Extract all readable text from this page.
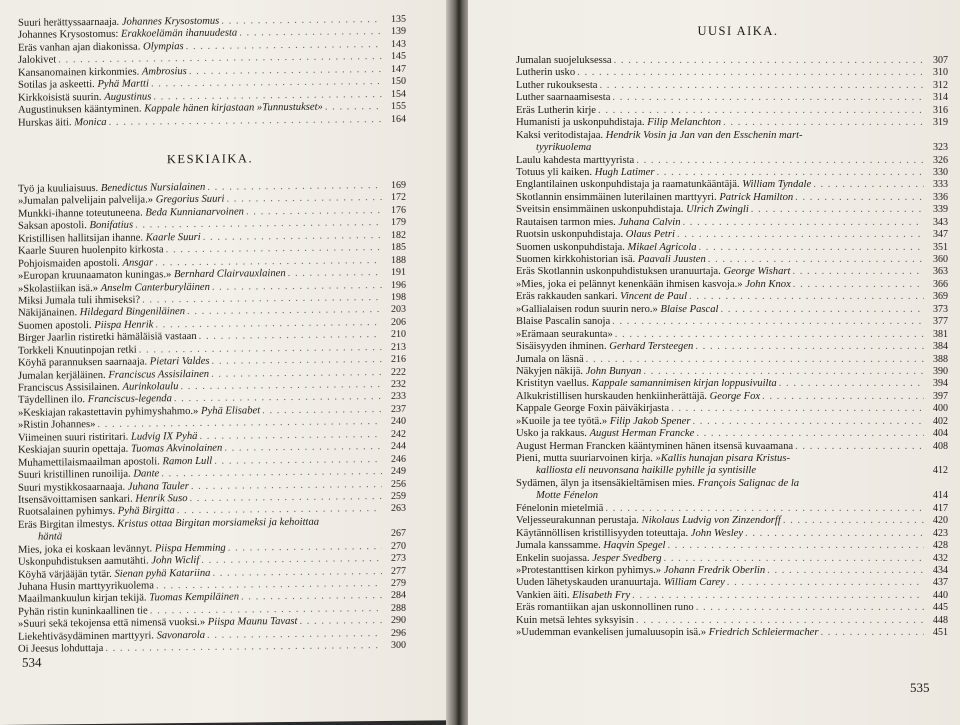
Suuri herättyssaarnaaja. Johannes Krysostomus . . .	135
Johannes Krysostomus: Erakkoelämän ihanuudesta . . .	139
Eräs vanhan ajan diakonissa. Olympias . . .	143
Jalokivet . . .	145
Kansanomainen kirkonmies. Ambrosius . . .	147
Sotilas ja askeetti. Pyhä Martti . . .	150
Kirkkoisistä suurin. Augustinus . . .	154
Augustinuksen kääntyminen. Kappale hänen kirjastaan »Tunnustukset» . . .	155
Hurskas äiti. Monica . . .	164
KESKIAIKA.
Työ ja kuuliaisuus. Benedictus Nursialainen . . .	169
»Jumalan palvelijain palvelija.» Gregorius Suuri . . .	172
Munkki-ihanne toteutuneena. Beda Kunnianarvoinen . . .	176
Saksan apostoli. Bonifatius . . .	179
Kristillisen hallitsijan ihanne. Kaarle Suuri . . .	182
Kaarle Suuren huolenpito kirkosta . . .	185
Pohjoismaiden apostoli. Ansgar . . .	188
»Europan kruunaamaton kuningas.» Bernhard Clairvauxlainen . . .	191
»Skolastiikan isä.» Anselm Canterburyläinen . . .	196
Miksi Jumala tuli ihmiseksi? . . .	198
Näkijänainen. Hildegard Bingeniläinen . . .	203
Suomen apostoli. Piispa Henrik . . .	206
Birger Jaarlin ristiretki hämäläisiä vastaan . . .	210
Torkkeli Knuutinpojan retki . . .	213
Köyhä parannuksen saarnaaja. Pietari Valdes . . .	216
Jumalan kerjäläinen. Franciscus Assisilainen . . .	222
Franciscus Assisilainen. Aurinkolaulu . . .	232
Täydellinen ilo. Franciscus-legenda . . .	233
»Keskiajan rakastettavin pyhimyshahmo.» Pyhä Elisabet . . .	237
»Ristin Johannes» . . .	240
Viimeinen suuri ristiritari. Ludvig IX Pyhä . . .	242
Keskiajan suurin opettaja. Tuomas Akvinolainen . . .	244
Muhamettilaismaailman apostoli. Ramon Lull . . .	246
Suuri kristillinen runoilija. Dante . . .	249
Suuri mystikkosaarnaaja. Juhana Tauler . . .	256
Itsensävoittamisen sankari. Henrik Suso . . .	259
Ruotsalainen pyhimys. Pyhä Birgitta . . .	263
Eräs Birgitan ilmestys. Kristus ottaa Birgitan morsiameksi ja kehoittaa
häntä	267
Mies, joka ei koskaan levännyt. Piispa Hemming . . .	270
Uskonpuhdistuksen aamutähti. John Wiclif . . .	273
Köyhä värjääjän tytär. Sienan pyhä Katariina . . .	277
Juhana Husin marttyyrikuolema . . .	279
Maailmankuulun kirjan tekijä. Tuomas Kempiläinen . . .	284
Pyhän ristin kuninkaallinen tie . . .	288
»Suuri sekä tekojensa että nimensä vuoksi.» Piispa Maunu Tavast . . .	290
Liekehtiväsydäminen marttyyri. Savonarola . . .	296
Oi Jeesus lohduttaja . . .	300
534
UUSI AIKA.
Jumalan suojeluksessa . . .	307
Lutherin usko . . .	310
Luther rukouksesta . . .	312
Luther saarnaamisesta . . .	314
Eräs Lutherin kirje . . .	316
Humanisti ja uskonpuhdistaja. Filip Melanchton . . .	319
Kaksi veritodistajaa. Hendrik Vosin ja Jan van den Esschenin mart-
tyyrikuolema	323
Laulu kahdesta marttyyrista . . .	326
Totuus yli kaiken. Hugh Latimer . . .	330
Englantilainen uskonpuhdistaja ja raamatunkääntäjä. William Tyndale . . .	333
Skotlannin ensimmäinen luterilainen marttyyri. Patrick Hamilton . . .	336
Sveitsin ensimmäinen uskonpuhdistaja. Ulrich Zwingli . . .	339
Rautaisen tarmon mies. Juhana Calvin . . .	343
Ruotsin uskonpuhdistaja. Olaus Petri . . .	347
Suomen uskonpuhdistaja. Mikael Agricola . . .	351
Suomen kirkkohistorian isä. Paavali Juusten . . .	360
Eräs Skotlannin uskonpuhdistuksen uranuurtaja. George Wishart . . .	363
»Mies, joka ei pelännyt kenenkään ihmisen kasvoja.» John Knox . . .	366
Eräs rakkauden sankari. Vincent de Paul . . .	369
»Gallialaisen rodun suurin nero.» Blaise Pascal . . .	373
Blaise Pascalin sanoja . . .	377
»Erämaan seurakunta» . . .	381
Sisäisyyden ihminen. Gerhard Tersteegen . . .	384
Jumala on läsnä . . .	388
Näkyjen näkijä. John Bunyan . . .	390
Kristityn vaellus. Kappale samannimisen kirjan loppusivuilta . . .	394
Alkukristillisen hurskauden henkiinherättäjä. George Fox . . .	397
Kappale George Foxin päiväkirjasta . . .	400
»Kuoile ja tee työtä.» Filip Jakob Spener . . .	402
Usko ja rakkaus. August Herman Francke . . .	404
August Herman Francken kääntyminen hänen itsensä kuvaamana . . .	408
Pieni, mutta suuriarvoinen kirja. »Kallis hunajan pisara Kristus-
kalliosta eli neuvonsana haikille pyhille ja syntisille	412
Sydämen, älyn ja itsensäkieltämisen mies. François Salignac de la
Motte Fénelon	414
Fénelonin mietelmiä . . .	417
Veljesseurakunnan perustaja. Nikolaus Ludvig von Zinzendorff . . .	420
Käytännöllisen kristillisyyden toteuttaja. John Wesley . . .	423
Jumala kanssamme. Haqvin Spegel . . .	428
Enkelin suojassa. Jesper Svedberg . . .	432
»Protestanttisen kirkon pyhimys.» Johann Fredrik Oberlin . . .	434
Uuden lähetyskauden uranuurtaja. William Carey . . .	437
Vankien äiti. Elisabeth Fry . . .	440
Eräs romantiikan ajan uskonnollinen runo . . .	445
Kuin metsä lehtes syksyisin . . .	448
»Uudemman evankelisen jumaluusopin isä.» Friedrich Schleiermacher . . .	451
535
